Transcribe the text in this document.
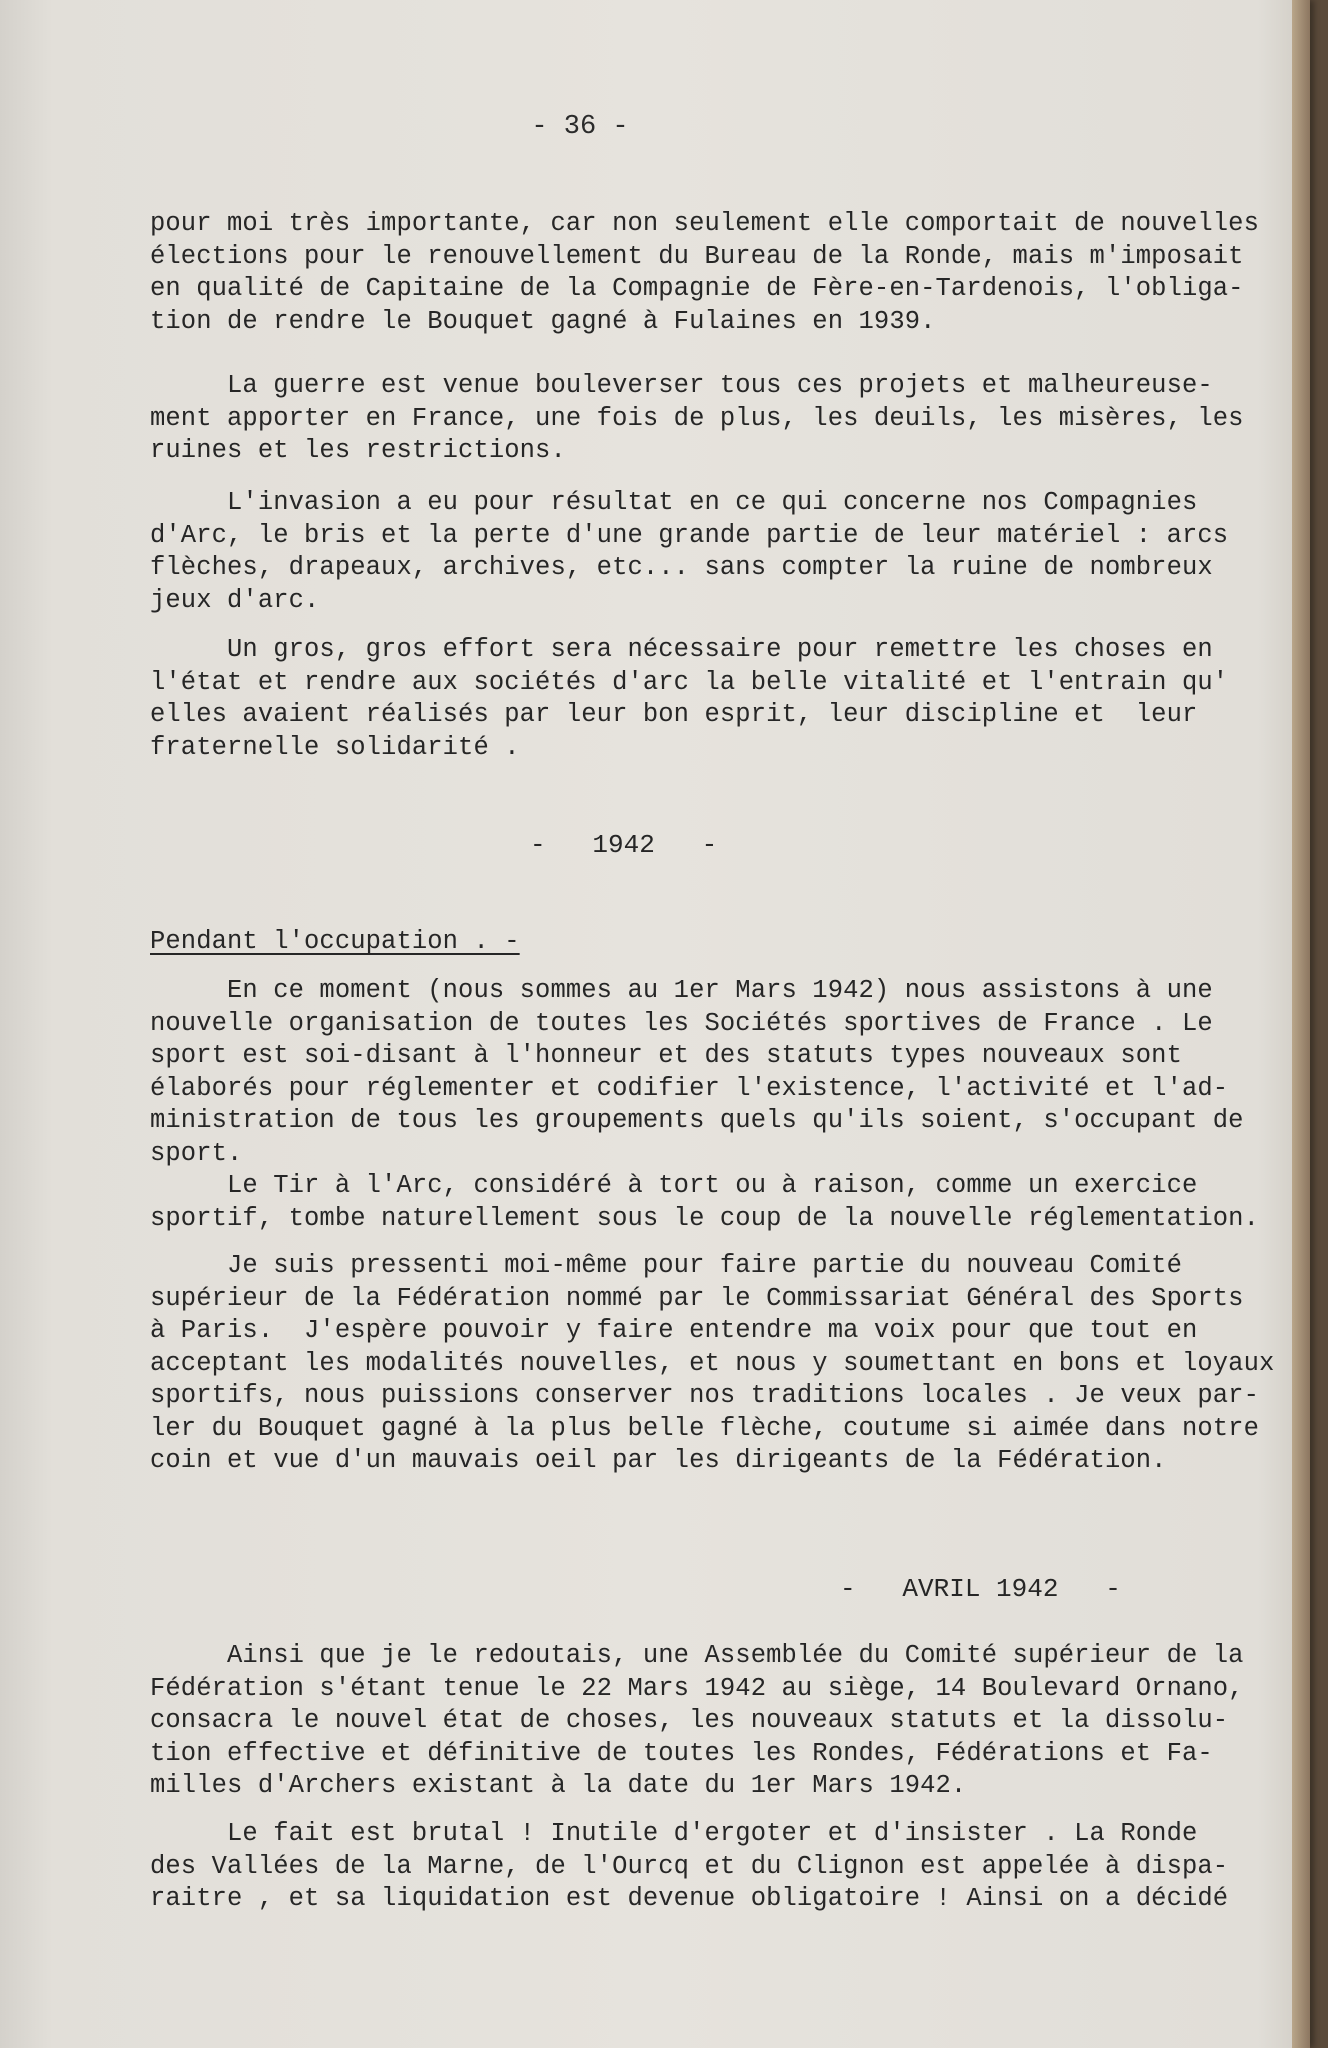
- 36 -
pour moi très importante, car non seulement elle comportait de nouvelles
élections pour le renouvellement du Bureau de la Ronde, mais m'imposait
en qualité de Capitaine de la Compagnie de Fère-en-Tardenois, l'obliga-
tion de rendre le Bouquet gagné à Fulaines en 1939.
La guerre est venue bouleverser tous ces projets et malheureuse-
ment apporter en France, une fois de plus, les deuils, les misères, les
ruines et les restrictions.
L'invasion a eu pour résultat en ce qui concerne nos Compagnies
d'Arc, le bris et la perte d'une grande partie de leur matériel : arcs
flèches, drapeaux, archives, etc... sans compter la ruine de nombreux
jeux d'arc.
Un gros, gros effort sera nécessaire pour remettre les choses en
l'état et rendre aux sociétés d'arc la belle vitalité et l'entrain qu'
elles avaient réalisés par leur bon esprit, leur discipline et  leur
fraternelle solidarité .
-   1942   -
Pendant l'occupation . -
En ce moment (nous sommes au 1er Mars 1942) nous assistons à une
nouvelle organisation de toutes les Sociétés sportives de France . Le
sport est soi-disant à l'honneur et des statuts types nouveaux sont
élaborés pour réglementer et codifier l'existence, l'activité et l'ad-
ministration de tous les groupements quels qu'ils soient, s'occupant de
sport.
Le Tir à l'Arc, considéré à tort ou à raison, comme un exercice
sportif, tombe naturellement sous le coup de la nouvelle réglementation.
Je suis pressenti moi-même pour faire partie du nouveau Comité
supérieur de la Fédération nommé par le Commissariat Général des Sports
à Paris.  J'espère pouvoir y faire entendre ma voix pour que tout en
acceptant les modalités nouvelles, et nous y soumettant en bons et loyaux
sportifs, nous puissions conserver nos traditions locales . Je veux par-
ler du Bouquet gagné à la plus belle flèche, coutume si aimée dans notre
coin et vue d'un mauvais oeil par les dirigeants de la Fédération.
-   AVRIL 1942   -
Ainsi que je le redoutais, une Assemblée du Comité supérieur de la
Fédération s'étant tenue le 22 Mars 1942 au siège, 14 Boulevard Ornano,
consacra le nouvel état de choses, les nouveaux statuts et la dissolu-
tion effective et définitive de toutes les Rondes, Fédérations et Fa-
milles d'Archers existant à la date du 1er Mars 1942.
Le fait est brutal ! Inutile d'ergoter et d'insister . La Ronde
des Vallées de la Marne, de l'Ourcq et du Clignon est appelée à dispa-
raitre , et sa liquidation est devenue obligatoire ! Ainsi on a décidé
